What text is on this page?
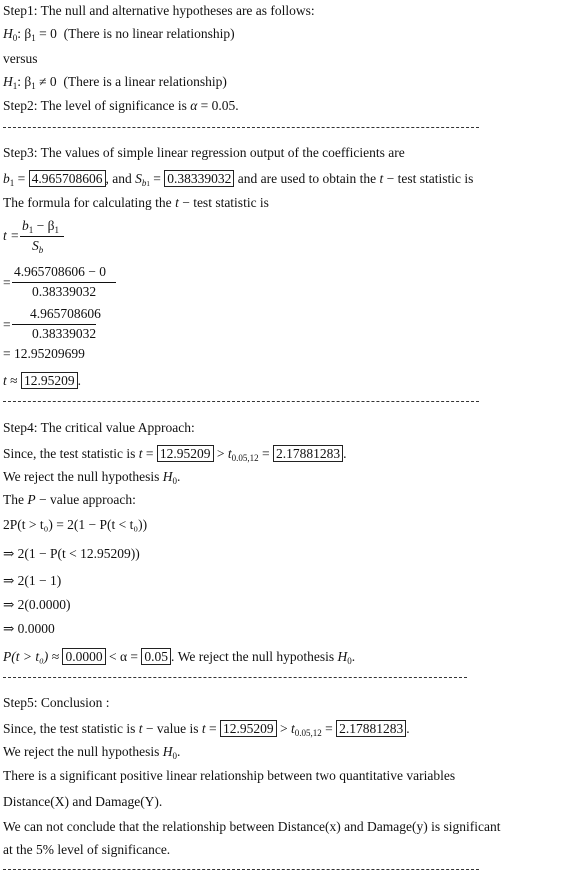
Step1: The null and alternative hypotheses are as follows:
$H_0$: $\beta_1 = 0$ (There is no linear relationship)
versus
$H_1$: $\beta_1 \ne 0$ (There is a linear relationship)
Step2: The level of significance is α = 0.05.
Step3: The values of simple linear regression output of the coefficients are
$b_1 = 4.965708606$ , and $S_{b1} = 0.38339032$ and are used to obtain the t − test statistic is
The formula for calculating the t − test statistic is
t =
$b_1 - \beta_1$
$S_b$
=
4.965708606 − 0
0.38339032
=
4.965708606
0.38339032
= 12.95209699
t ≈ 12.95209 .
Step4: The critical value Approach:
Since, the test statistic is $t = 12.95209 > t_{0.05,12} = 2.17881283$ .
We reject the null hypothesis $H_0$.
The P − value approach:
2P(t > t₀) = 2(1 − P(t < t₀))
⇒ 2(1 − P(t < 12.95209))
⇒ 2(1 − 1)
⇒ 2(0.0000)
⇒ 0.0000
P(t > t₀) ≈ 0.0000 < α = 0.05 . We reject the null hypothesis $H_0$.
Step5: Conclusion :
Since, the test statistic is t − value is $t = 12.95209 > t_{0.05,12} = 2.17881283$ .
We reject the null hypothesis $H_0$.
There is a significant positive linear relationship between two quantitative variables
Distance(X) and Damage(Y).
We can not conclude that the relationship between Distance(x) and Damage(y) is significant
at the 5% level of significance.
